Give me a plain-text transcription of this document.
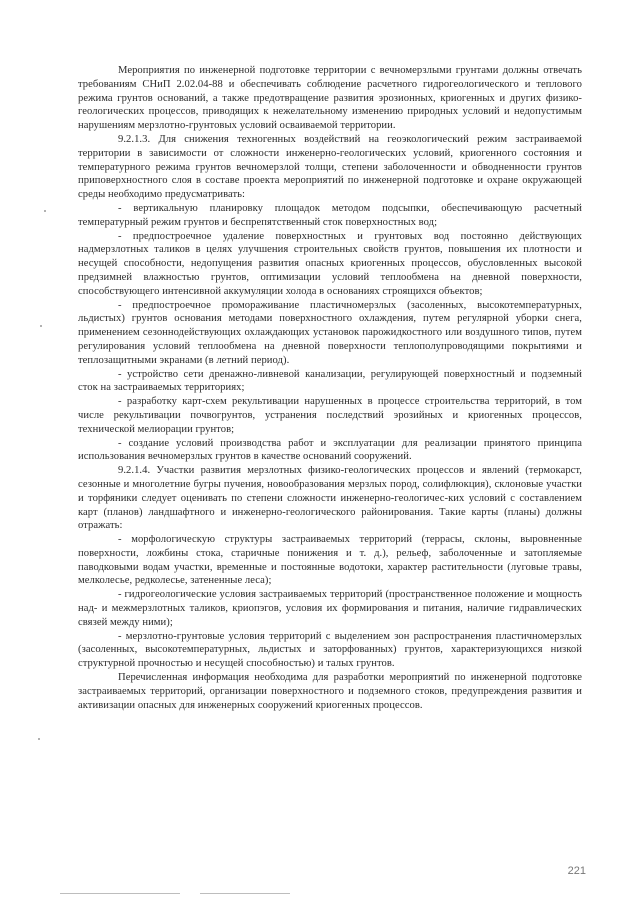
Мероприятия по инженерной подготовке территории с вечномерзлыми грунтами должны отвечать требованиям СНиП 2.02.04-88 и обеспечивать соблюдение расчетного гидрогеологического и теплового режима грунтов оснований, а также предотвращение развития эрозионных, криогенных и других физико-геологических процессов, приводящих к нежелательному изменению природных условий и недопустимым нарушениям мерзлотно-грунтовых условий осваиваемой территории.

9.2.1.3. Для снижения техногенных воздействий на геоэкологический режим застраиваемой территории в зависимости от сложности инженерно-геологических условий, криогенного состояния и температурного режима грунтов вечномерзлой толщи, степени заболоченности и обводненности грунтов приповерхностного слоя в составе проекта мероприятий по инженерной подготовке и охране окружающей среды необходимо предусматривать:

- вертикальную планировку площадок методом подсыпки, обеспечивающую расчетный температурный режим грунтов и беспрепятственный сток поверхностных вод;

- предпостроечное удаление поверхностных и грунтовых вод постоянно действующих надмерзлотных таликов в целях улучшения строительных свойств грунтов, повышения их плотности и несущей способности, недопущения развития опасных криогенных процессов, обусловленных высокой предзимней влажностью грунтов, оптимизации условий теплообмена на дневной поверхности, способствующего интенсивной аккумуляции холода в основаниях строящихся объектов;

- предпостроечное промораживание пластичномерзлых (засоленных, высокотемпературных, льдистых) грунтов основания методами поверхностного охлаждения, путем регулярной уборки снега, применением сезоннодействующих охлаждающих установок парожидкостного или воздушного типов, путем регулирования условий теплообмена на дневной поверхности теплополупроводящими покрытиями и теплозащитными экранами (в летний период).

- устройство сети дренажно-ливневой канализации, регулирующей поверхностный и подземный сток на застраиваемых территориях;

- разработку карт-схем рекультивации нарушенных в процессе строительства территорий, в том числе рекультивации почвогрунтов, устранения последствий эрозийных и криогенных процессов, технической мелиорации грунтов;

- создание условий производства работ и эксплуатации для реализации принятого принципа использования вечномерзлых грунтов в качестве оснований сооружений.

9.2.1.4. Участки развития мерзлотных физико-геологических процессов и явлений (термокарст, сезонные и многолетние бугры пучения, новообразования мерзлых пород, солифлюкция), склоновые участки и торфяники следует оценивать по степени сложности инженерно-геологичес-ких условий с составлением карт (планов) ландшафтного и инженерно-геологического районирования. Такие карты (планы) должны отражать:

- морфологическую структуры застраиваемых территорий (террасы, склоны, выровненные поверхности, ложбины стока, старичные понижения и т. д.), рельеф, заболоченные и затопляемые паводковыми водам участки, временные и постоянные водотоки, характер растительности (луговые травы, мелколесье, редколесье, затененные леса);

- гидрогеологические условия застраиваемых территорий (пространственное положение и мощность над- и межмерзлотных таликов, криопэгов, условия их формирования и питания, наличие гидравлических связей между ними);

- мерзлотно-грунтовые условия территорий с выделением зон распространения пластичномерзлых (засоленных, высокотемпературных, льдистых и заторфованных) грунтов, характеризующихся низкой структурной прочностью и несущей способностью) и талых грунтов.

Перечисленная информация необходима для разработки мероприятий по инженерной подготовке застраиваемых территорий, организации поверхностного и подземного стоков, предупреждения развития и активизации опасных для инженерных сооружений криогенных процессов.

221
